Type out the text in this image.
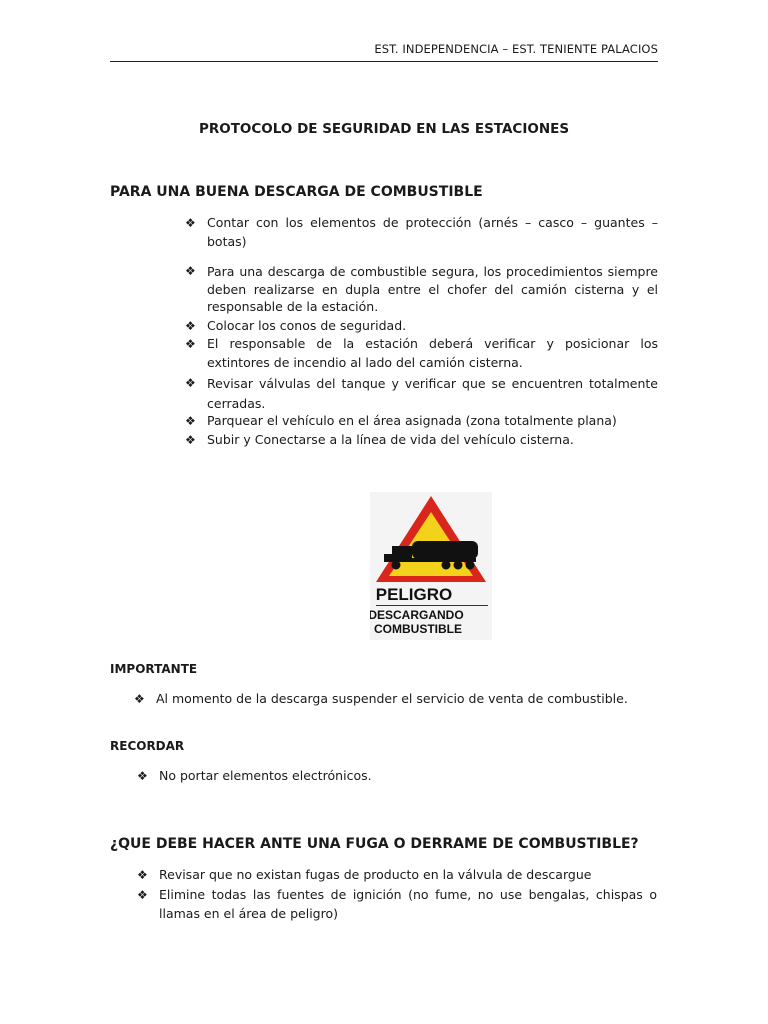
EST. INDEPENDENCIA – EST. TENIENTE PALACIOS
PROTOCOLO DE SEGURIDAD EN LAS ESTACIONES
PARA UNA BUENA DESCARGA DE COMBUSTIBLE
❖ Contar con los elementos de protección (arnés – casco – guantes – botas)
❖ Para una descarga de combustible segura, los procedimientos siempre deben realizarse en dupla entre el chofer del camión cisterna y el responsable de la estación.
❖ Colocar los conos de seguridad.
❖ El responsable de la estación deberá verificar y posicionar los extintores de incendio al lado del camión cisterna.
❖ Revisar válvulas del tanque y verificar que se encuentren totalmente cerradas.
❖ Parquear el vehículo en el área asignada (zona totalmente plana)
❖ Subir y Conectarse a la línea de vida del vehículo cisterna.
PELIGRO
DESCARGANDO
COMBUSTIBLE
IMPORTANTE
❖ Al momento de la descarga suspender el servicio de venta de combustible.
RECORDAR
❖ No portar elementos electrónicos.
¿QUE DEBE HACER ANTE UNA FUGA O DERRAME DE COMBUSTIBLE?
❖ Revisar que no existan fugas de producto en la válvula de descargue
❖ Elimine todas las fuentes de ignición (no fume, no use bengalas, chispas o llamas en el área de peligro)
